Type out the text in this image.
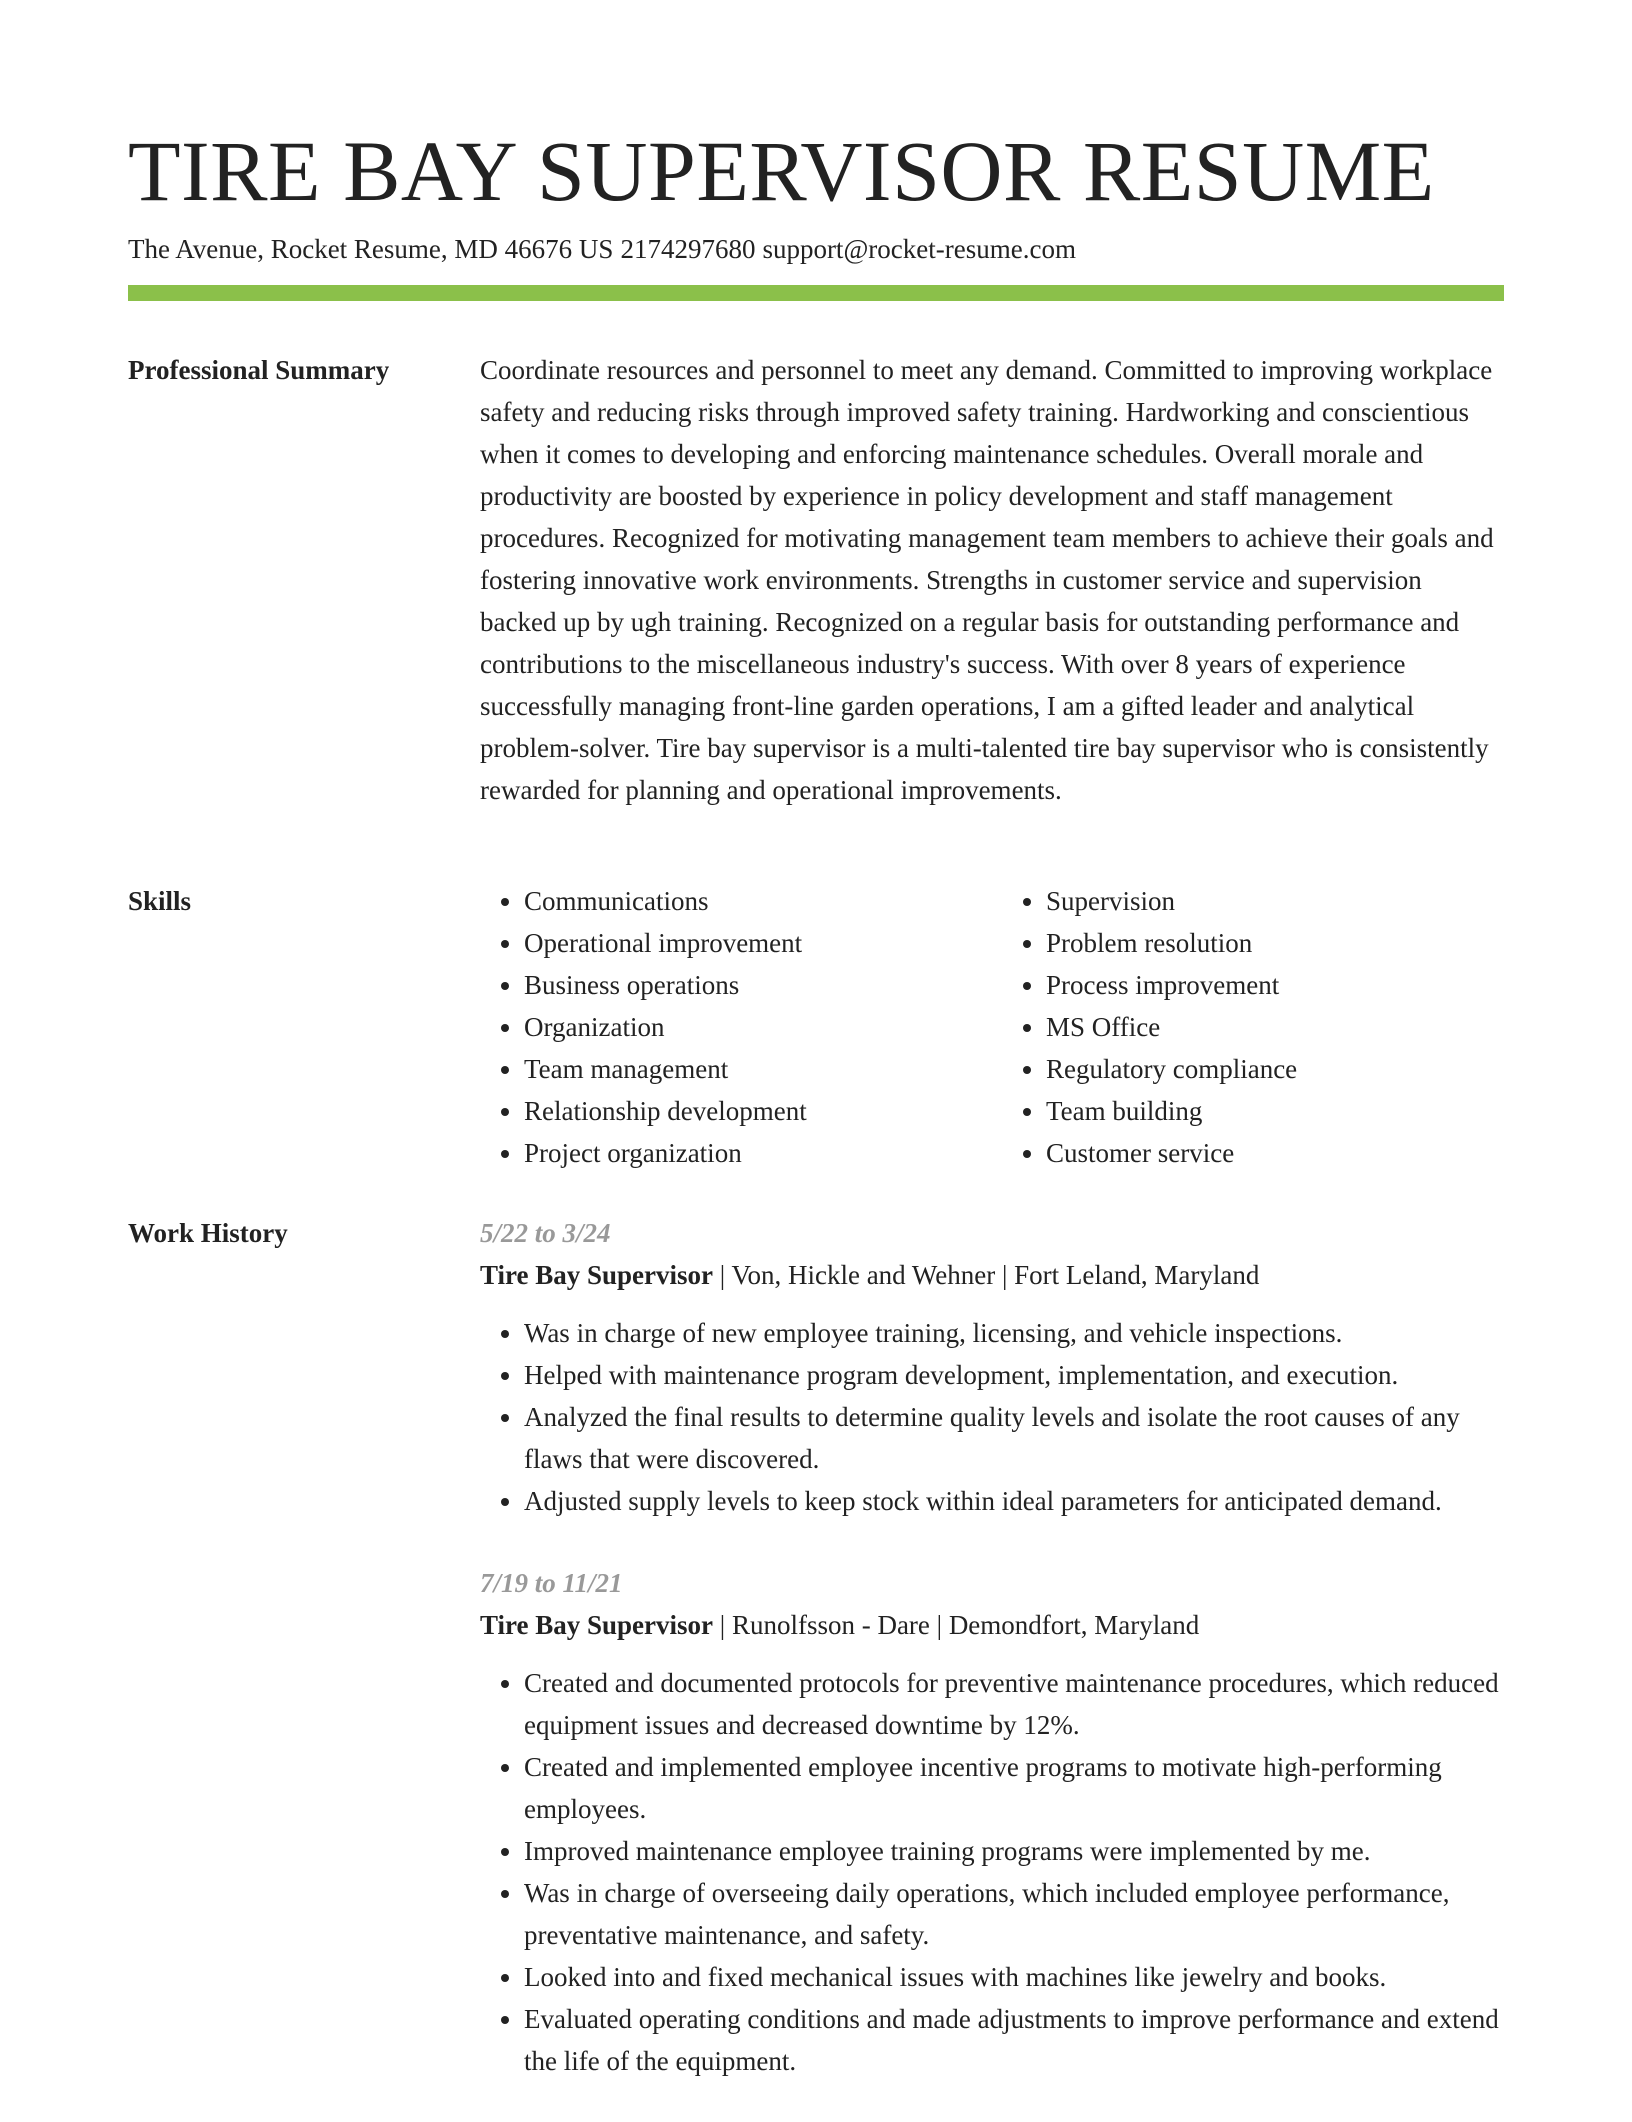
TIRE BAY SUPERVISOR RESUME
The Avenue, Rocket Resume, MD 46676 US 2174297680 support@rocket-resume.com
Professional Summary	Coordinate resources and personnel to meet any demand. Committed to improving workplace safety and reducing risks through improved safety training. Hardworking and conscientious when it comes to developing and enforcing maintenance schedules. Overall morale and productivity are boosted by experience in policy development and staff management procedures. Recognized for motivating management team members to achieve their goals and fostering innovative work environments. Strengths in customer service and supervision backed up by ugh training. Recognized on a regular basis for outstanding performance and contributions to the miscellaneous industry's success. With over 8 years of experience successfully managing front-line garden operations, I am a gifted leader and analytical problem-solver. Tire bay supervisor is a multi-talented tire bay supervisor who is consistently rewarded for planning and operational improvements.

Skills
•	Communications
• Operational improvement
• Business operations
• Organization
• Team management
• Relationship development
• Project organization
• Supervision
• Problem resolution
• Process improvement
• MS Office
• Regulatory compliance
• Team building
• Customer service
Work History	5/22 to 3/24
Tire Bay Supervisor | Von, Hickle and Wehner | Fort Leland, Maryland
• Was in charge of new employee training, licensing, and vehicle inspections.
• Helped with maintenance program development, implementation, and execution.
• Analyzed the final results to determine quality levels and isolate the root causes of any flaws that were discovered.
• Adjusted supply levels to keep stock within ideal parameters for anticipated demand.
7/19 to 11/21
Tire Bay Supervisor | Runolfsson - Dare | Demondfort, Maryland
• Created and documented protocols for preventive maintenance procedures, which reduced equipment issues and decreased downtime by 12%.
• Created and implemented employee incentive programs to motivate high-performing employees.
• Improved maintenance employee training programs were implemented by me.
• Was in charge of overseeing daily operations, which included employee performance, preventative maintenance, and safety.
• Looked into and fixed mechanical issues with machines like jewelry and books.
• Evaluated operating conditions and made adjustments to improve performance and extend the life of the equipment.
